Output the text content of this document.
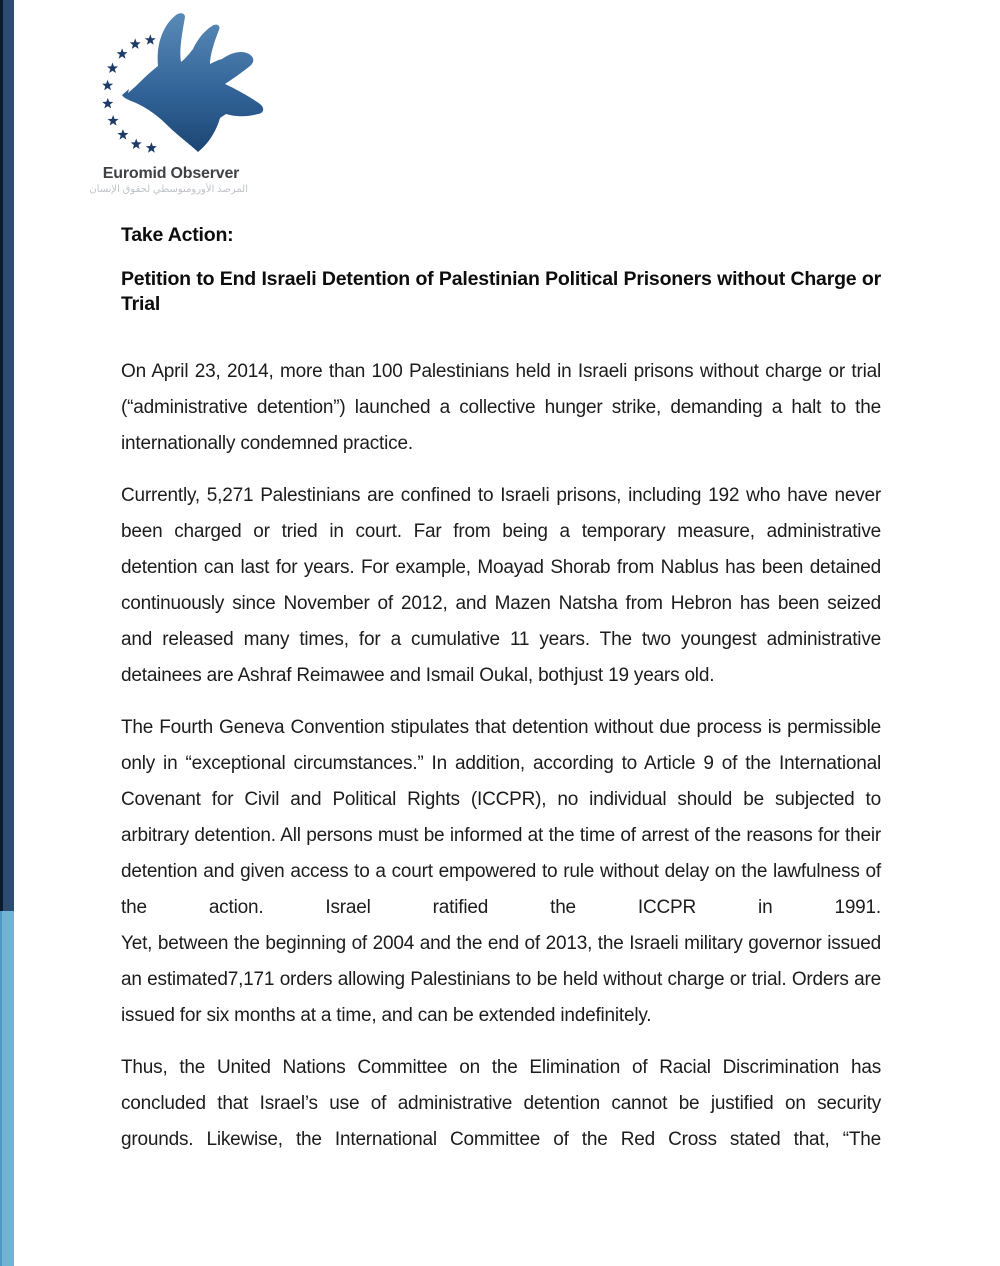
Euromid Observer
المرصد الأورومتوسطي لحقوق الإنسان
Take Action:
Petition to End Israeli Detention of Palestinian Political Prisoners without Charge or Trial

On April 23, 2014, more than 100 Palestinians held in Israeli prisons without charge or trial (“administrative detention”) launched a collective hunger strike, demanding a halt to the internationally condemned practice.

Currently, 5,271 Palestinians are confined to Israeli prisons, including 192 who have never been charged or tried in court. Far from being a temporary measure, administrative detention can last for years. For example, Moayad Shorab from Nablus has been detained continuously since November of 2012, and Mazen Natsha from Hebron has been seized and released many times, for a cumulative 11 years. The two youngest administrative detainees are Ashraf Reimawee and Ismail Oukal, bothjust 19 years old.

The Fourth Geneva Convention stipulates that detention without due process is permissible only in “exceptional circumstances.” In addition, according to Article 9 of the International Covenant for Civil and Political Rights (ICCPR), no individual should be subjected to arbitrary detention. All persons must be informed at the time of arrest of the reasons for their detention and given access to a court empowered to rule without delay on the lawfulness of the action. Israel ratified the ICCPR in 1991.

Yet, between the beginning of 2004 and the end of 2013, the Israeli military governor issued an estimated7,171 orders allowing Palestinians to be held without charge or trial. Orders are issued for six months at a time, and can be extended indefinitely.

Thus, the United Nations Committee on the Elimination of Racial Discrimination has concluded that Israel’s use of administrative detention cannot be justified on security grounds. Likewise, the International Committee of the Red Cross stated that, “The
